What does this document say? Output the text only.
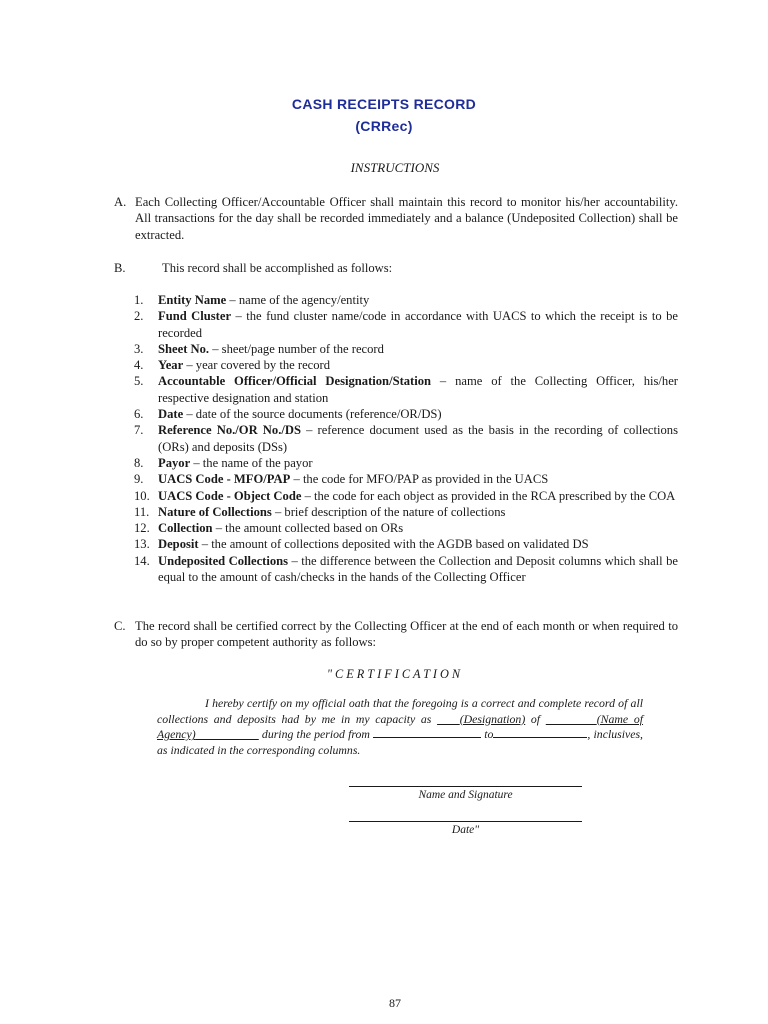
CASH RECEIPTS RECORD
(CRRec)
INSTRUCTIONS
A. Each Collecting Officer/Accountable Officer shall maintain this record to monitor his/her accountability. All transactions for the day shall be recorded immediately and a balance (Undeposited Collection) shall be extracted.
B.	This record shall be accomplished as follows:
1. Entity Name – name of the agency/entity
2. Fund Cluster – the fund cluster name/code in accordance with UACS to which the receipt is to be recorded
3. Sheet No. – sheet/page number of the record
4. Year – year covered by the record
5. Accountable Officer/Official Designation/Station – name of the Collecting Officer, his/her respective designation and station
6. Date – date of the source documents (reference/OR/DS)
7. Reference No./OR No./DS – reference document used as the basis in the recording of collections (ORs) and deposits (DSs)
8. Payor – the name of the payor
9. UACS Code - MFO/PAP – the code for MFO/PAP as provided in the UACS
10. UACS Code - Object Code – the code for each object as provided in the RCA prescribed by the COA
11. Nature of Collections – brief description of the nature of collections
12. Collection – the amount collected based on ORs
13. Deposit – the amount of collections deposited with the AGDB based on validated DS
14. Undeposited Collections – the difference between the Collection and Deposit columns which shall be equal to the amount of cash/checks in the hands of the Collecting Officer
C. The record shall be certified correct by the Collecting Officer at the end of each month or when required to do so by proper competent authority as follows:
"CERTIFICATION
I hereby certify on my official oath that the foregoing is a correct and complete record of all collections and deposits had by me in my capacity as     (Designation) of	(Name of Agency)	during the period from	to	, inclusives, as indicated in the corresponding columns.
Name and Signature
Date"
87
